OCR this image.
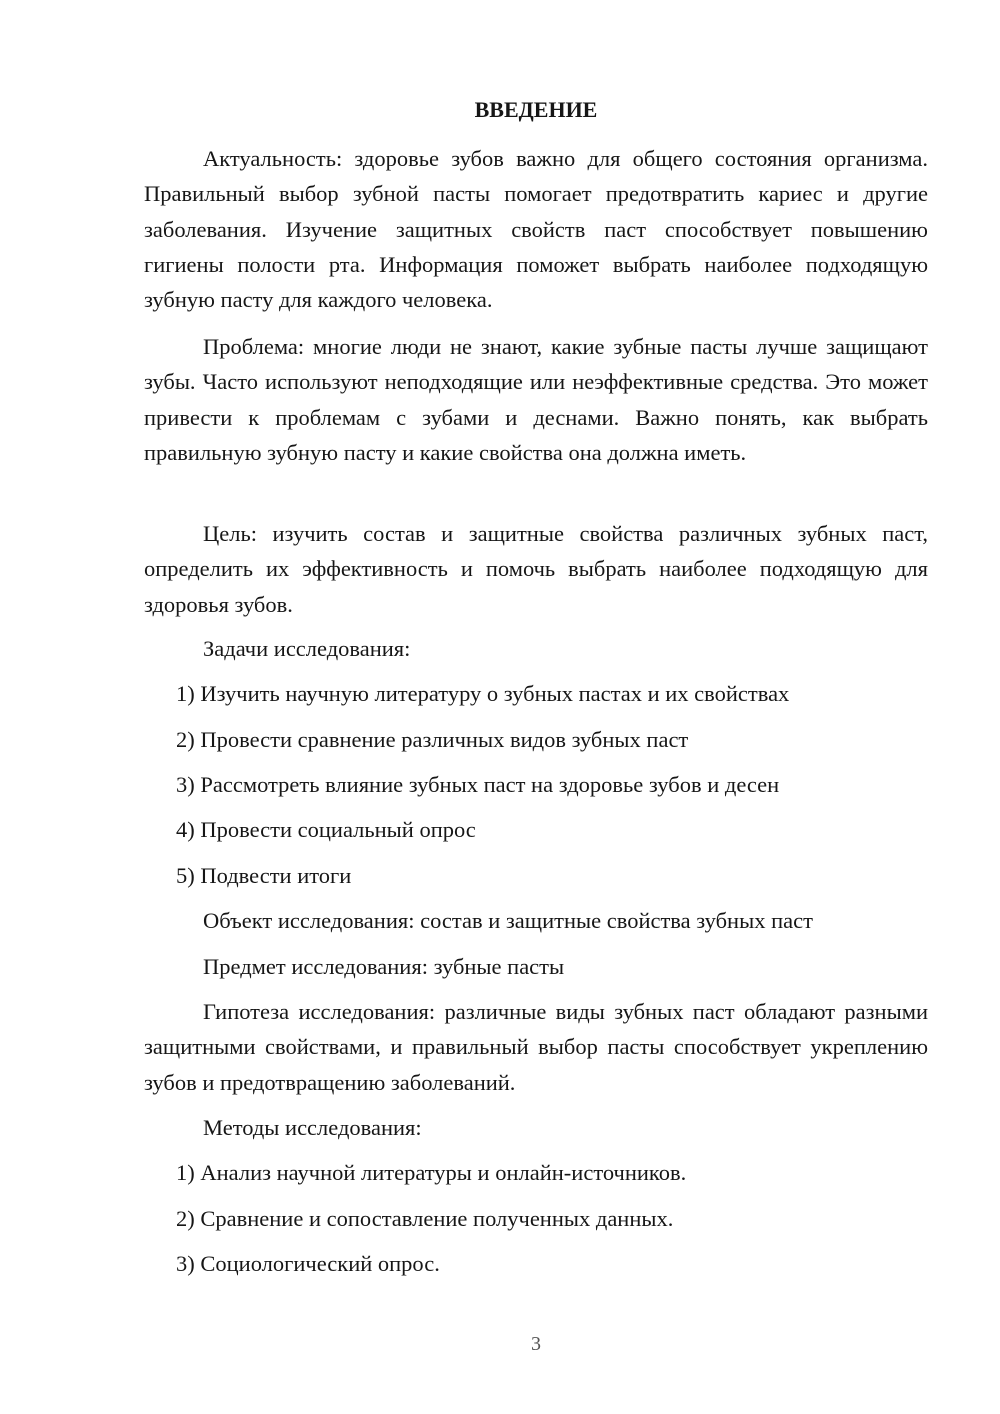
ВВЕДЕНИЕ

Актуальность: здоровье зубов важно для общего состояния организма. Правильный выбор зубной пасты помогает предотвратить кариес и другие заболевания. Изучение защитных свойств паст способствует повышению гигиены полости рта. Информация поможет выбрать наиболее подходящую зубную пасту для каждого человека.

Проблема: многие люди не знают, какие зубные пасты лучше защищают зубы. Часто используют неподходящие или неэффективные средства. Это может привести к проблемам с зубами и деснами. Важно понять, как выбрать правильную зубную пасту и какие свойства она должна иметь.

Цель: изучить состав и защитные свойства различных зубных паст, определить их эффективность и помочь выбрать наиболее подходящую для здоровья зубов.

Задачи исследования:

1) Изучить научную литературу о зубных пастах и их свойствах

2) Провести сравнение различных видов зубных паст

3) Рассмотреть влияние зубных паст на здоровье зубов и десен

4) Провести социальный опрос

5) Подвести итоги

Объект исследования: состав и защитные свойства зубных паст

Предмет исследования: зубные пасты

Гипотеза исследования: различные виды зубных паст обладают разными защитными свойствами, и правильный выбор пасты способствует укреплению зубов и предотвращению заболеваний.

Методы исследования:

1) Анализ научной литературы и онлайн-источников.

2) Сравнение и сопоставление полученных данных.

3) Социологический опрос.

3
